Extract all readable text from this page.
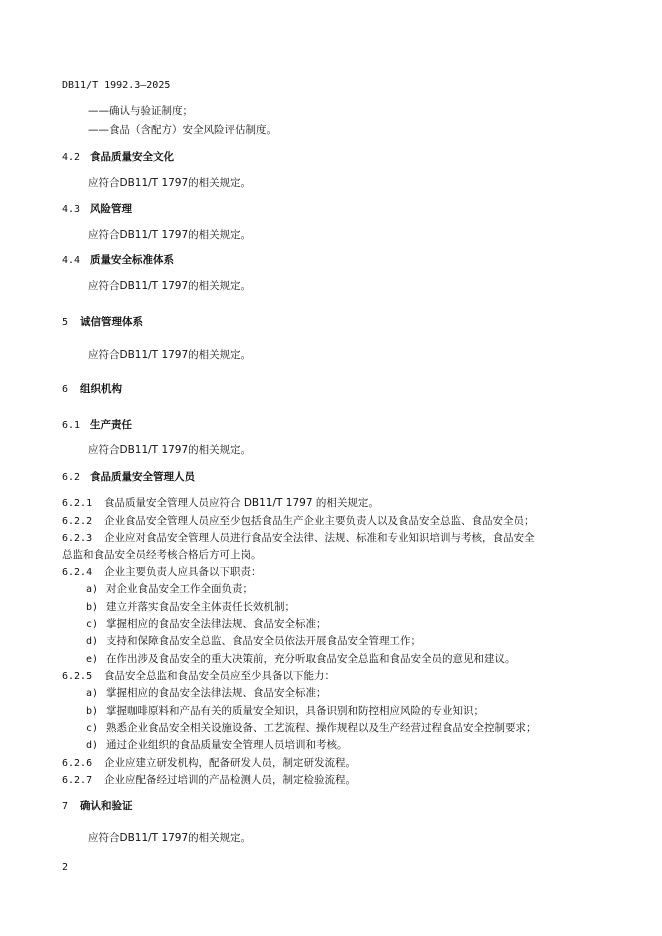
DB11/T 1992.3—2025
——确认与验证制度；
——食品（含配方）安全风险评估制度。
4.2 食品质量安全文化
应符合DB11/T 1797的相关规定。
4.3 风险管理
应符合DB11/T 1797的相关规定。
4.4 质量安全标准体系
应符合DB11/T 1797的相关规定。
5 诚信管理体系
应符合DB11/T 1797的相关规定。
6 组织机构
6.1 生产责任
应符合DB11/T 1797的相关规定。
6.2 食品质量安全管理人员
6.2.1 食品质量安全管理人员应符合 DB11/T 1797 的相关规定。
6.2.2 企业食品安全管理人员应至少包括食品生产企业主要负责人以及食品安全总监、食品安全员；
6.2.3 企业应对食品安全管理人员进行食品安全法律、法规、标准和专业知识培训与考核，食品安全
总监和食品安全员经考核合格后方可上岗。
6.2.4 企业主要负责人应具备以下职责：
a) 对企业食品安全工作全面负责；
b) 建立并落实食品安全主体责任长效机制；
c) 掌握相应的食品安全法律法规、食品安全标准；
d) 支持和保障食品安全总监、食品安全员依法开展食品安全管理工作；
e) 在作出涉及食品安全的重大决策前，充分听取食品安全总监和食品安全员的意见和建议。
6.2.5 食品安全总监和食品安全员应至少具备以下能力：
a) 掌握相应的食品安全法律法规、食品安全标准；
b) 掌握咖啡原料和产品有关的质量安全知识，具备识别和防控相应风险的专业知识；
c) 熟悉企业食品安全相关设施设备、工艺流程、操作规程以及生产经营过程食品安全控制要求；
d) 通过企业组织的食品质量安全管理人员培训和考核。
6.2.6 企业应建立研发机构，配备研发人员，制定研发流程。
6.2.7 企业应配备经过培训的产品检测人员，制定检验流程。
7 确认和验证
应符合DB11/T 1797的相关规定。
2
